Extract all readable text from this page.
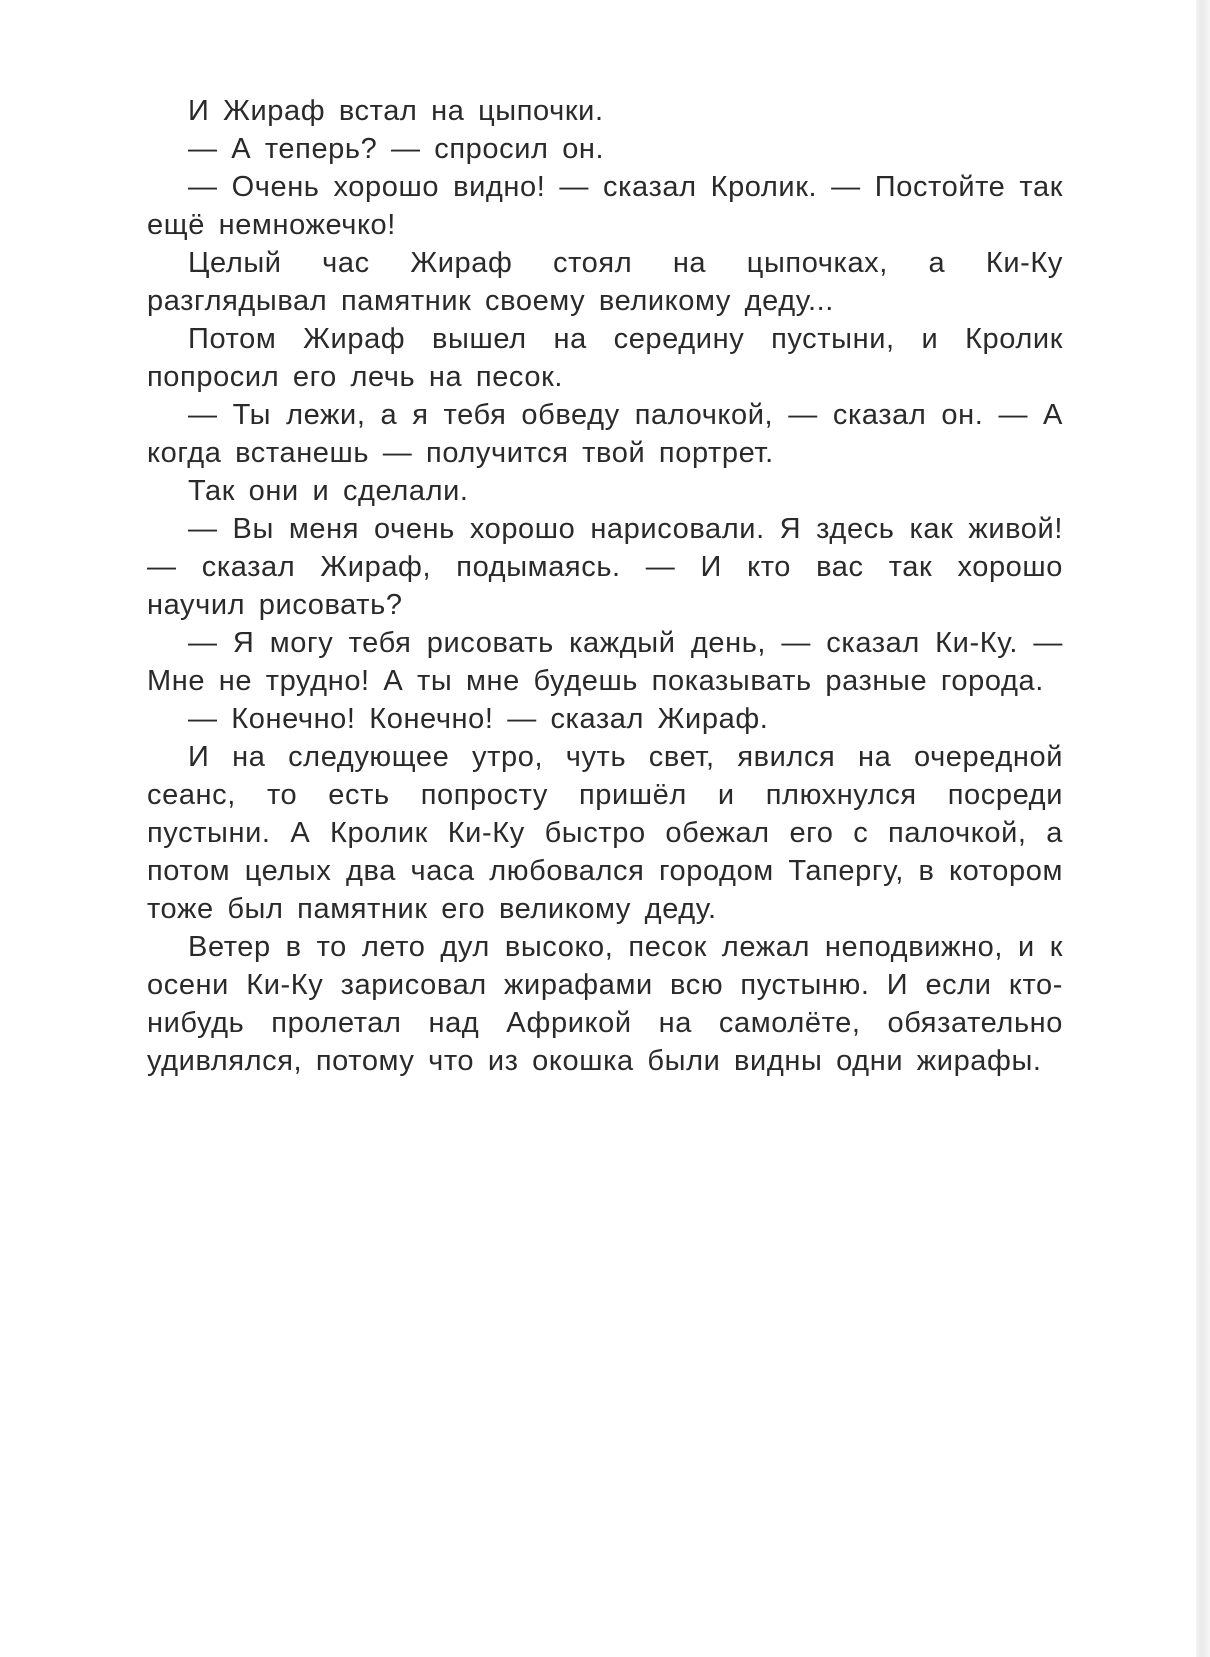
И Жираф встал на цыпочки.

— А теперь? — спросил он.

— Очень хорошо видно! — сказал Кролик. — Постойте так ещё немножечко!

Целый час Жираф стоял на цыпочках, а Ки-Ку разглядывал памятник своему великому деду...

Потом Жираф вышел на середину пустыни, и Кролик попросил его лечь на песок.

— Ты лежи, а я тебя обведу палочкой, — сказал он. — А когда встанешь — получится твой портрет.

Так они и сделали.

— Вы меня очень хорошо нарисовали. Я здесь как живой! — сказал Жираф, подымаясь. — И кто вас так хорошо научил рисовать?

— Я могу тебя рисовать каждый день, — сказал Ки-Ку. — Мне не трудно! А ты мне будешь показывать разные города.

— Конечно! Конечно! — сказал Жираф.

И на следующее утро, чуть свет, явился на очередной сеанс, то есть попросту пришёл и плюхнулся посреди пустыни. А Кролик Ки-Ку быстро обежал его с палочкой, а потом целых два часа любовался городом Тапергу, в котором тоже был памятник его великому деду.

Ветер в то лето дул высоко, песок лежал неподвижно, и к осени Ки-Ку зарисовал жирафами всю пустыню. И если кто-нибудь пролетал над Африкой на самолёте, обязательно удивлялся, потому что из окошка были видны одни жирафы.
